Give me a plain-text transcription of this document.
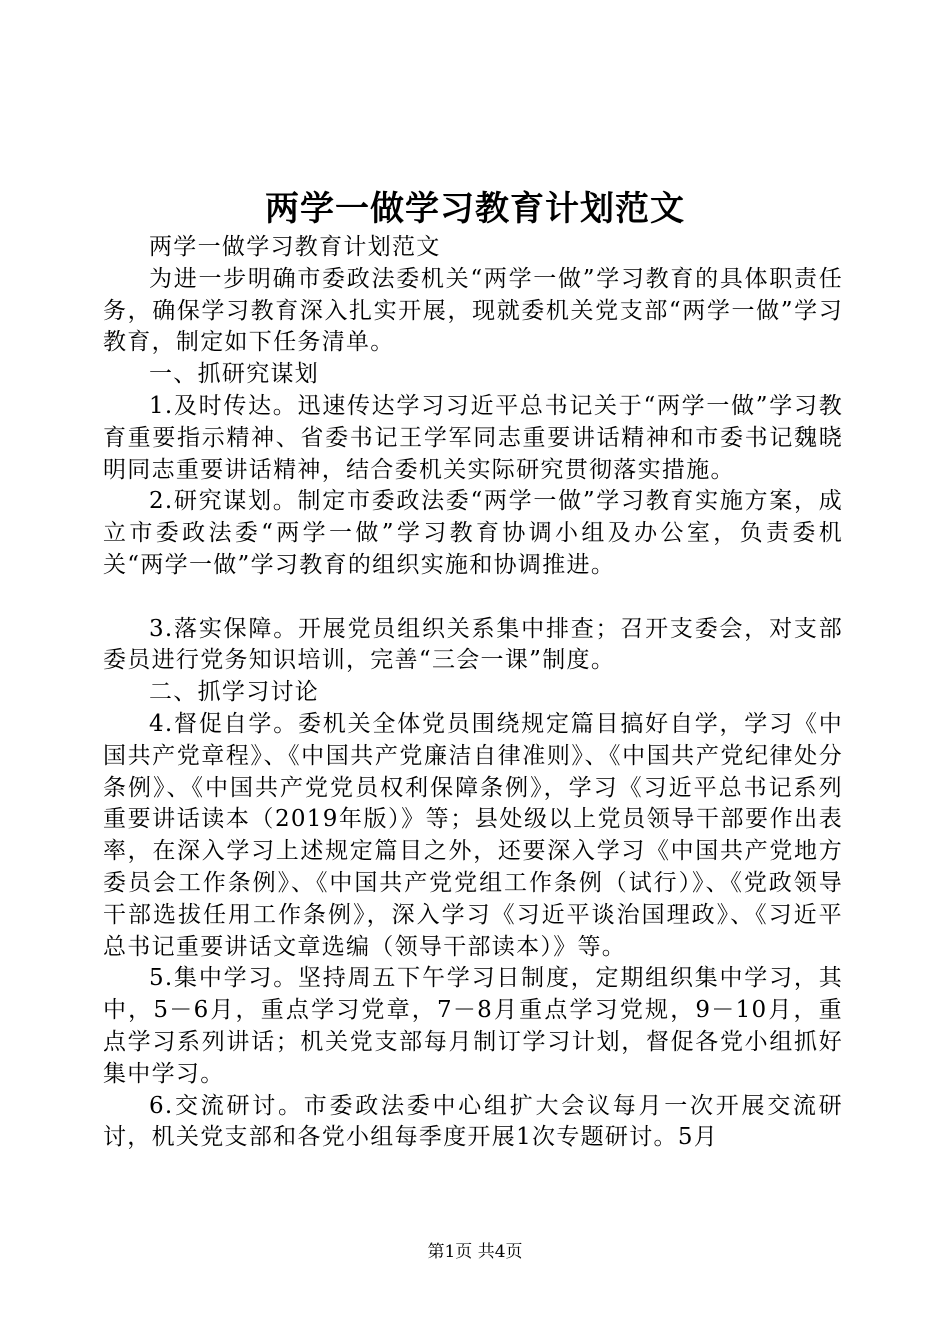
两学一做学习教育计划范文

两学一做学习教育计划范文

为进一步明确市委政法委机关“两学一做”学习教育的具体职责任务，确保学习教育深入扎实开展，现就委机关党支部“两学一做”学习教育，制定如下任务清单。

一、抓研究谋划

1.及时传达。迅速传达学习习近平总书记关于“两学一做”学习教育重要指示精神、省委书记王学军同志重要讲话精神和市委书记魏晓明同志重要讲话精神，结合委机关实际研究贯彻落实措施。

2.研究谋划。制定市委政法委“两学一做”学习教育实施方案，成立市委政法委“两学一做”学习教育协调小组及办公室，负责委机关“两学一做”学习教育的组织实施和协调推进。

3.落实保障。开展党员组织关系集中排查；召开支委会，对支部委员进行党务知识培训，完善“三会一课”制度。

二、抓学习讨论

4.督促自学。委机关全体党员围绕规定篇目搞好自学，学习《中国共产党章程》、《中国共产党廉洁自律准则》、《中国共产党纪律处分条例》、《中国共产党党员权利保障条例》，学习《习近平总书记系列重要讲话读本（2019年版）》等；县处级以上党员领导干部要作出表率，在深入学习上述规定篇目之外，还要深入学习《中国共产党地方委员会工作条例》、《中国共产党党组工作条例（试行）》、《党政领导干部选拔任用工作条例》，深入学习《习近平谈治国理政》、《习近平总书记重要讲话文章选编（领导干部读本）》等。

5.集中学习。坚持周五下午学习日制度，定期组织集中学习，其中，5－6月，重点学习党章，7－8月重点学习党规，9－10月，重点学习系列讲话；机关党支部每月制订学习计划，督促各党小组抓好集中学习。

6.交流研讨。市委政法委中心组扩大会议每月一次开展交流研讨，机关党支部和各党小组每季度开展1次专题研讨。5月

第1页 共4页
